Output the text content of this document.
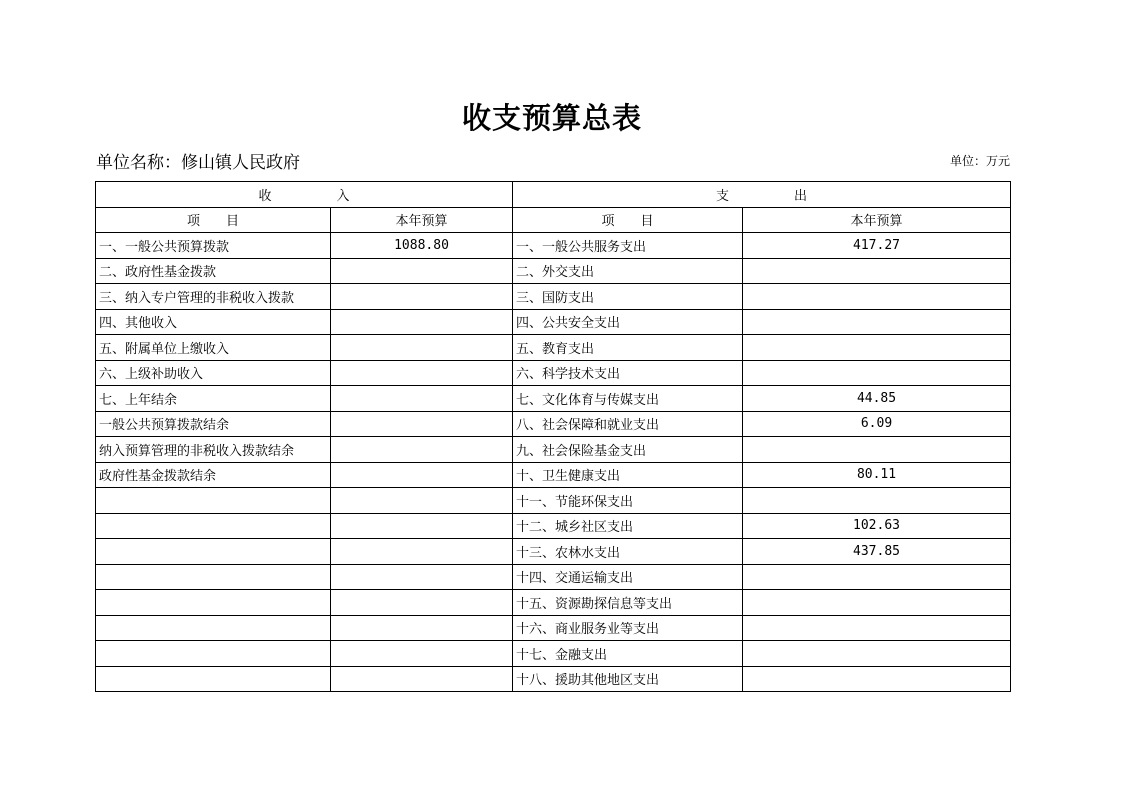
收支预算总表
单位名称：修山镇人民政府	单位：万元
收　　　　　入		支　　　　　出	
项　　目	本年预算	项　　目	本年预算
一、一般公共预算拨款	1088.80	一、一般公共服务支出	417.27
二、政府性基金拨款		二、外交支出	
三、纳入专户管理的非税收入拨款		三、国防支出	
四、其他收入		四、公共安全支出	
五、附属单位上缴收入		五、教育支出	
六、上级补助收入		六、科学技术支出	
七、上年结余		七、文化体育与传媒支出	44.85
一般公共预算拨款结余		八、社会保障和就业支出	6.09
纳入预算管理的非税收入拨款结余		九、社会保险基金支出	
政府性基金拨款结余		十、卫生健康支出	80.11
		十一、节能环保支出	
		十二、城乡社区支出	102.63
		十三、农林水支出	437.85
		十四、交通运输支出	
		十五、资源勘探信息等支出	
		十六、商业服务业等支出	
		十七、金融支出	
		十八、援助其他地区支出	
